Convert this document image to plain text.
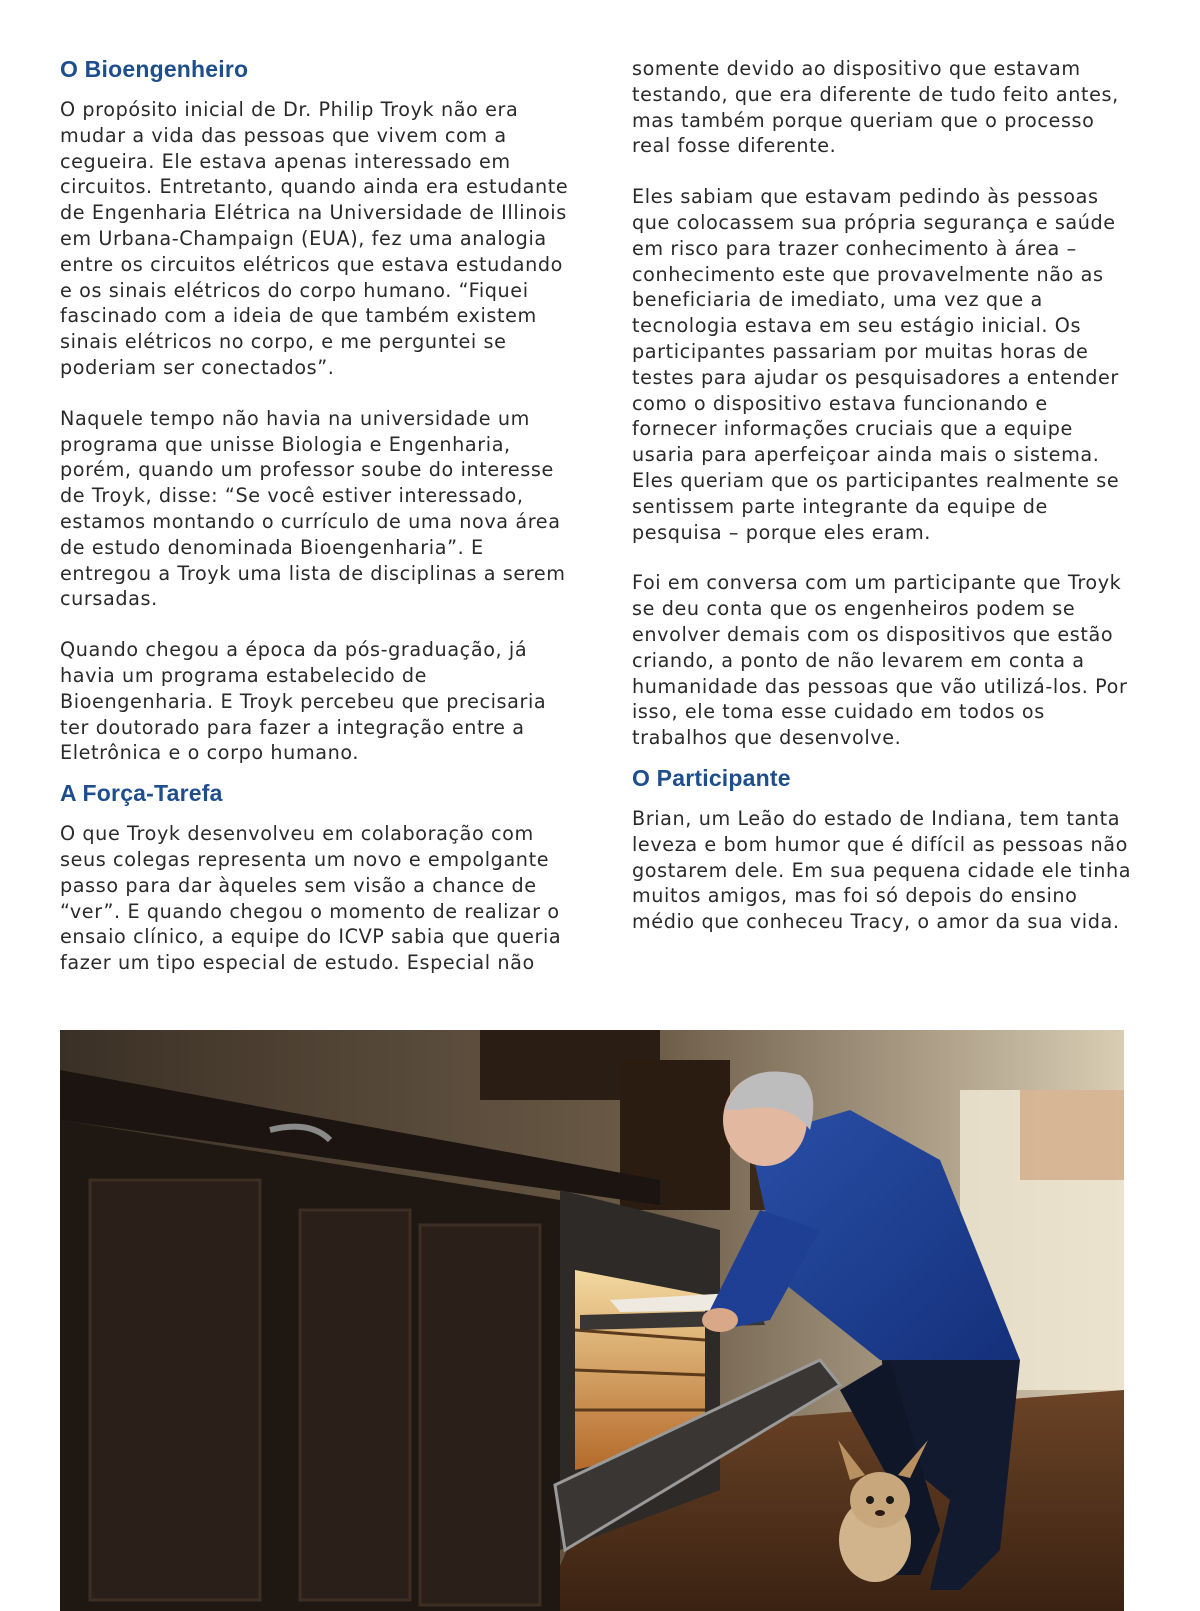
O Bioengenheiro

O propósito inicial de Dr. Philip Troyk não era mudar a vida das pessoas que vivem com a cegueira. Ele estava apenas interessado em circuitos. Entretanto, quando ainda era estudante de Engenharia Elétrica na Universidade de Illinois em Urbana-Champaign (EUA), fez uma analogia entre os circuitos elétricos que estava estudando e os sinais elétricos do corpo humano. “Fiquei fascinado com a ideia de que também existem sinais elétricos no corpo, e me perguntei se poderiam ser conectados”.

Naquele tempo não havia na universidade um programa que unisse Biologia e Engenharia, porém, quando um professor soube do interesse de Troyk, disse: “Se você estiver interessado, estamos montando o currículo de uma nova área de estudo denominada Bioengenharia”. E entregou a Troyk uma lista de disciplinas a serem cursadas.

Quando chegou a época da pós-graduação, já havia um programa estabelecido de Bioengenharia. E Troyk percebeu que precisaria ter doutorado para fazer a integração entre a Eletrônica e o corpo humano.

A Força-Tarefa

O que Troyk desenvolveu em colaboração com seus colegas representa um novo e empolgante passo para dar àqueles sem visão a chance de “ver”. E quando chegou o momento de realizar o ensaio clínico, a equipe do ICVP sabia que queria fazer um tipo especial de estudo. Especial não

somente devido ao dispositivo que estavam testando, que era diferente de tudo feito antes, mas também porque queriam que o processo real fosse diferente.

Eles sabiam que estavam pedindo às pessoas que colocassem sua própria segurança e saúde em risco para trazer conhecimento à área – conhecimento este que provavelmente não as beneficiaria de imediato, uma vez que a tecnologia estava em seu estágio inicial. Os participantes passariam por muitas horas de testes para ajudar os pesquisadores a entender como o dispositivo estava funcionando e fornecer informações cruciais que a equipe usaria para aperfeiçoar ainda mais o sistema. Eles queriam que os participantes realmente se sentissem parte integrante da equipe de pesquisa – porque eles eram.

Foi em conversa com um participante que Troyk se deu conta que os engenheiros podem se envolver demais com os dispositivos que estão criando, a ponto de não levarem em conta a humanidade das pessoas que vão utilizá-los. Por isso, ele toma esse cuidado em todos os trabalhos que desenvolve.

O Participante

Brian, um Leão do estado de Indiana, tem tanta leveza e bom humor que é difícil as pessoas não gostarem dele. Em sua pequena cidade ele tinha muitos amigos, mas foi só depois do ensino médio que conheceu Tracy, o amor da sua vida.
